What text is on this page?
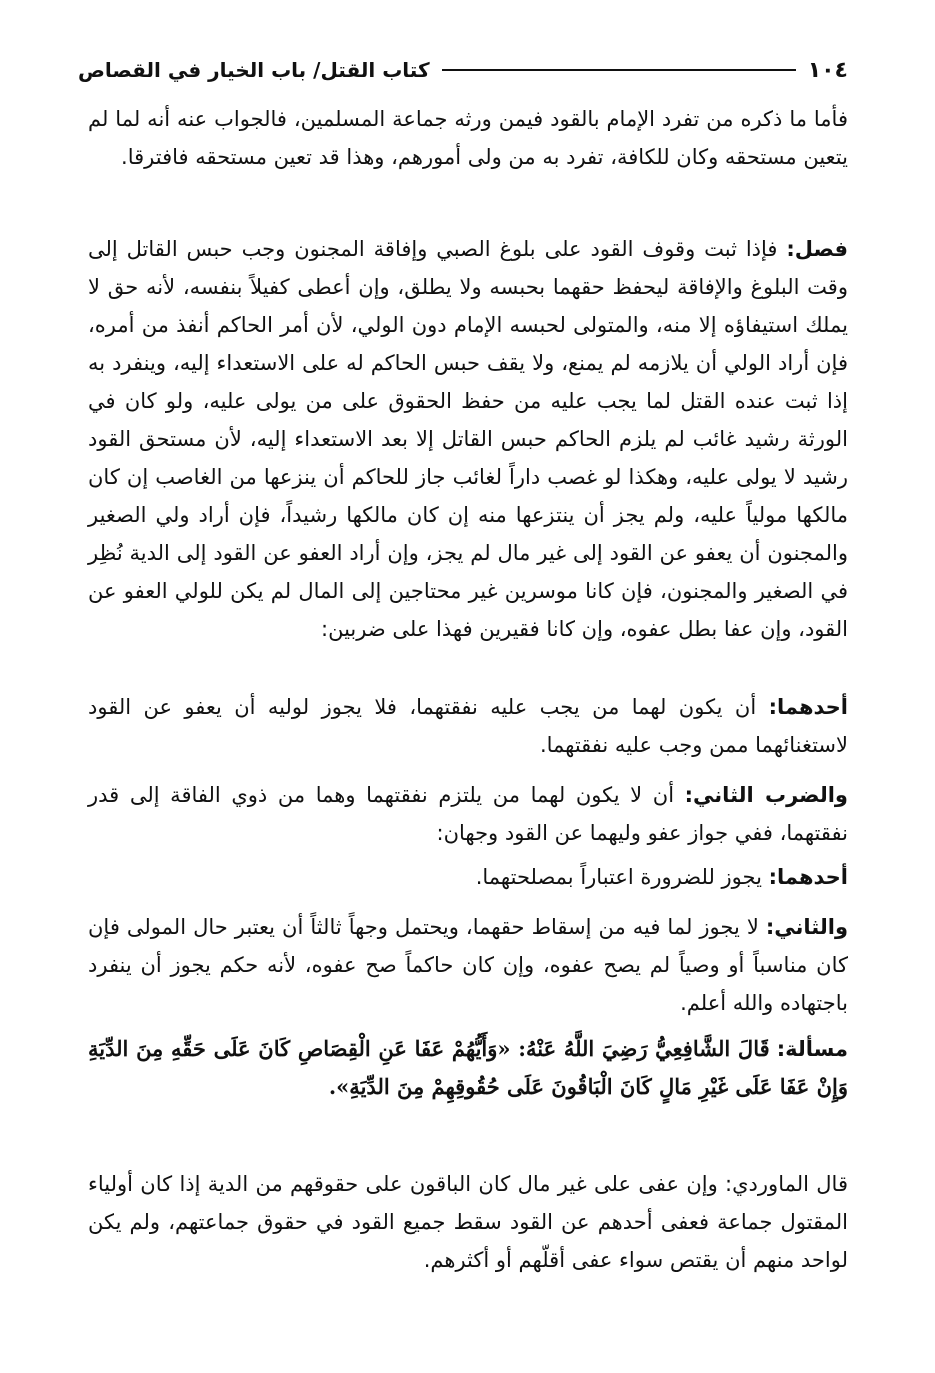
١٠٤
كتاب القتل/ باب الخيار في القصاص

فأما ما ذكره من تفرد الإمام بالقود فيمن ورثه جماعة المسلمين، فالجواب عنه أنه لما لم يتعين مستحقه وكان للكافة، تفرد به من ولى أمورهم، وهذا قد تعين مستحقه فافترقا.

فصل: فإذا ثبت وقوف القود على بلوغ الصبي وإفاقة المجنون وجب حبس القاتل إلى وقت البلوغ والإفاقة ليحفظ حقهما بحبسه ولا يطلق، وإن أعطى كفيلاً بنفسه، لأنه حق لا يملك استيفاؤه إلا منه، والمتولى لحبسه الإمام دون الولي، لأن أمر الحاكم أنفذ من أمره، فإن أراد الولي أن يلازمه لم يمنع، ولا يقف حبس الحاكم له على الاستعداء إليه، وينفرد به إذا ثبت عنده القتل لما يجب عليه من حفظ الحقوق على من يولى عليه، ولو كان في الورثة رشيد غائب لم يلزم الحاكم حبس القاتل إلا بعد الاستعداء إليه، لأن مستحق القود رشيد لا يولى عليه، وهكذا لو غصب داراً لغائب جاز للحاكم أن ينزعها من الغاصب إن كان مالكها مولياً عليه، ولم يجز أن ينتزعها منه إن كان مالكها رشيداً، فإن أراد ولي الصغير والمجنون أن يعفو عن القود إلى غير مال لم يجز، وإن أراد العفو عن القود إلى الدية نُظِر في الصغير والمجنون، فإن كانا موسرين غير محتاجين إلى المال لم يكن للولي العفو عن القود، وإن عفا بطل عفوه، وإن كانا فقيرين فهذا على ضربين:

أحدهما: أن يكون لهما من يجب عليه نفقتهما، فلا يجوز لوليه أن يعفو عن القود لاستغنائهما ممن وجب عليه نفقتهما.

والضرب الثاني: أن لا يكون لهما من يلتزم نفقتهما وهما من ذوي الفاقة إلى قدر نفقتهما، ففي جواز عفو وليهما عن القود وجهان:

أحدهما: يجوز للضرورة اعتباراً بمصلحتهما.

والثاني: لا يجوز لما فيه من إسقاط حقهما، ويحتمل وجهاً ثالثاً أن يعتبر حال المولى فإن كان مناسباً أو وصياً لم يصح عفوه، وإن كان حاكماً صح عفوه، لأنه حكم يجوز أن ينفرد باجتهاده والله أعلم.

مسألة: قَالَ الشَّافِعِيُّ رَضِيَ اللَّهُ عَنْهُ: «وَأَيُّهُمْ عَفَا عَنِ الْقِصَاصِ كَانَ عَلَى حَقِّهِ مِنَ الدِّيَةِ وَإِنْ عَفَا عَلَى غَيْرِ مَالٍ كَانَ الْبَاقُونَ عَلَى حُقُوقِهِمْ مِنَ الدِّيَةِ».

قال الماوردي: وإن عفى على غير مال كان الباقون على حقوقهم من الدية إذا كان أولياء المقتول جماعة فعفى أحدهم عن القود سقط جميع القود في حقوق جماعتهم، ولم يكن لواحد منهم أن يقتص سواء عفى أقلّهم أو أكثرهم.
